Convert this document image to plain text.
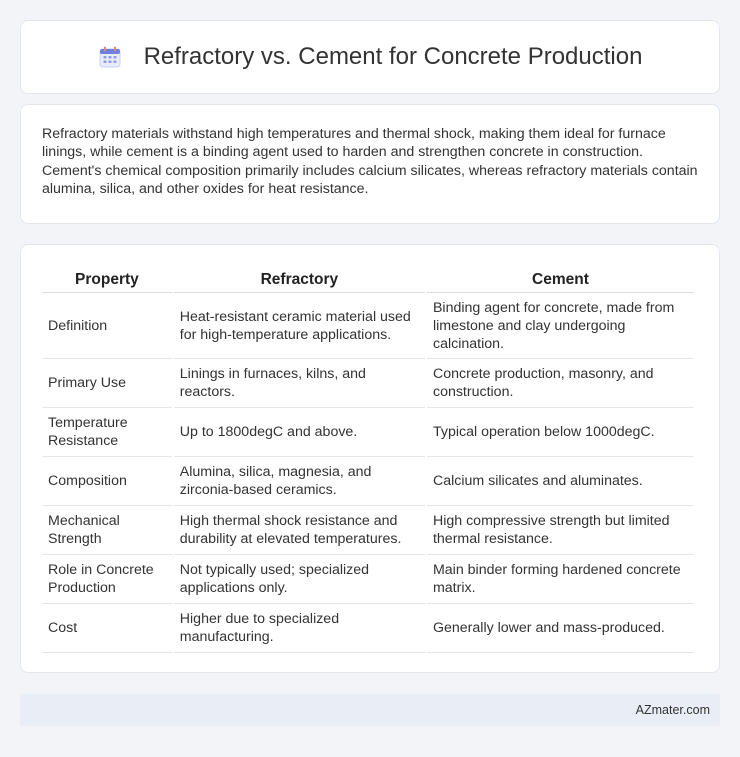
Refractory vs. Cement for Concrete Production

Refractory materials withstand high temperatures and thermal shock, making them ideal for furnace linings, while cement is a binding agent used to harden and strengthen concrete in construction. Cement's chemical composition primarily includes calcium silicates, whereas refractory materials contain alumina, silica, and other oxides for heat resistance.

Property	Refractory	Cement
Definition	Heat-resistant ceramic material used for high-temperature applications.	Binding agent for concrete, made from limestone and clay undergoing calcination.
Primary Use	Linings in furnaces, kilns, and reactors.	Concrete production, masonry, and construction.
Temperature Resistance	Up to 1800degC and above.	Typical operation below 1000degC.
Composition	Alumina, silica, magnesia, and zirconia-based ceramics.	Calcium silicates and aluminates.
Mechanical Strength	High thermal shock resistance and durability at elevated temperatures.	High compressive strength but limited thermal resistance.
Role in Concrete Production	Not typically used; specialized applications only.	Main binder forming hardened concrete matrix.
Cost	Higher due to specialized manufacturing.	Generally lower and mass-produced.
AZmater.com
